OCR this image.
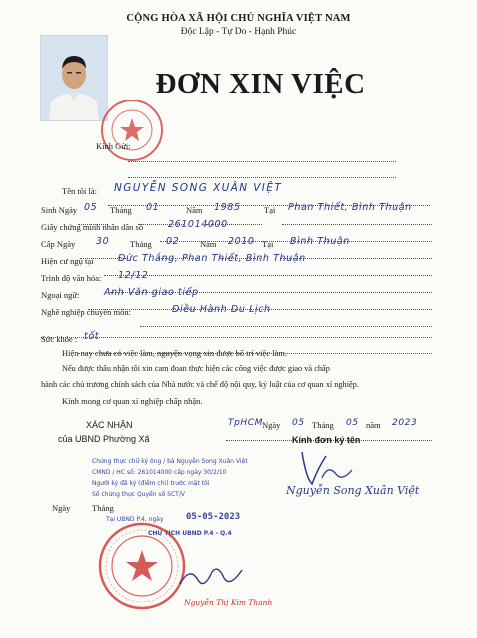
CỘNG HÒA XÃ HỘI CHỦ NGHĨA VIỆT NAM
Độc Lập - Tự Do - Hạnh Phúc
ĐƠN XIN VIỆC
Kính Gửi:
Tên tôi là: NGUYỄN SONG XUÂN VIỆT
Sinh Ngày 05 Tháng 01	Năm 1985	Tại Phan Thiết, Bình Thuận
Giấy chứng minh nhân dân số	261014000
Cấp Ngày 30 Tháng 02 Năm 2010 Tại Bình Thuận
Hiện cư ngụ tại	Đức Thắng, Phan Thiết, Bình Thuận
Trình độ văn hóa: 12/12
Ngoại ngữ:	Anh Văn giao tiếp
Nghề nghiệp chuyên môn:	Điều Hành Du Lịch
Sức khỏe : tốt
Hiện nay chưa có việc làm, nguyện vọng xin được bố trí việc làm.
Nếu được thâu nhận tôi xin cam đoan thực hiện các công việc được giao và chấp
hành các chủ trương chính sách của Nhà nước và chế độ nội quy, kỷ luật của cơ quan xí nghiệp.
Kính mong cơ quan xí nghiệp chấp nhận.
XÁC NHẬN
của UBND Phường Xã
Chứng thực chữ ký ông / bà Nguyễn Song Xuân Việt
CMND / HC số: 261014000 cấp ngày 30/2/10
Người ký đã ký (điểm chỉ) trước mặt tôi
Ngày	Tháng
Số chứng thực Quyển số SCT/V
Tại UBND P.4, ngày 05-05-2023
CHỦ TỊCH UBND P.4 - Q.4
Nguyễn Thị Kim Thanh
TpHCM
Ngày 05 Tháng 05 năm 2023
Kính đơn ký tên
Nguyễn Song Xuân Việt
